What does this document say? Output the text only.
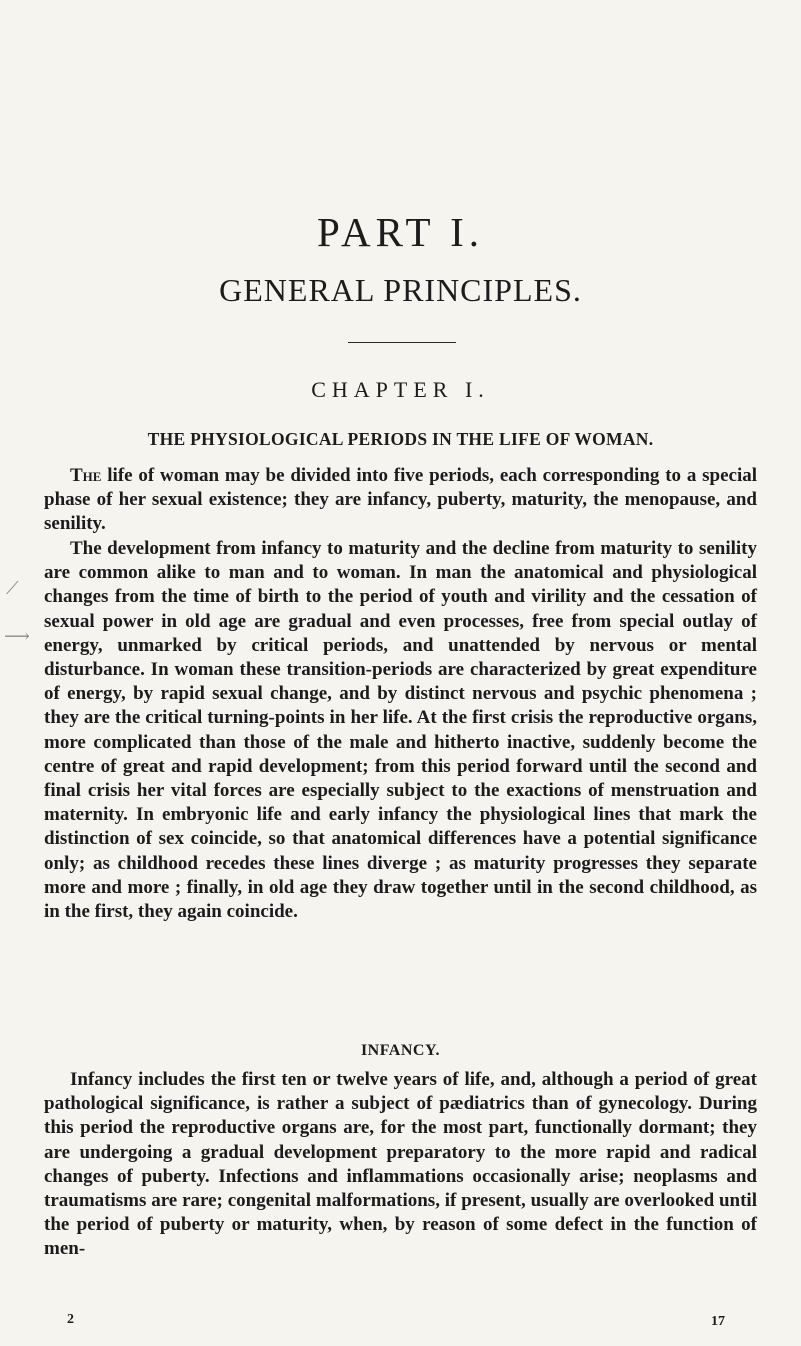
PART I.
GENERAL PRINCIPLES.
CHAPTER I.
THE PHYSIOLOGICAL PERIODS IN THE LIFE OF WOMAN.

The life of woman may be divided into five periods, each corresponding to a special phase of her sexual existence; they are infancy, puberty, maturity, the menopause, and senility.

The development from infancy to maturity and the decline from maturity to senility are common alike to man and to woman. In man the anatomical and physiological changes from the time of birth to the period of youth and virility and the cessation of sexual power in old age are gradual and even processes, free from special outlay of energy, unmarked by critical periods, and unattended by nervous or mental disturbance. In woman these transition-periods are characterized by great expenditure of energy, by rapid sexual change, and by distinct nervous and psychic phenomena ; they are the critical turning-points in her life. At the first crisis the reproductive organs, more complicated than those of the male and hitherto inactive, suddenly become the centre of great and rapid development; from this period forward until the second and final crisis her vital forces are especially subject to the exactions of menstruation and maternity. In embryonic life and early infancy the physiological lines that mark the distinction of sex coincide, so that anatomical differences have a potential significance only; as childhood recedes these lines diverge ; as maturity progresses they separate more and more ; finally, in old age they draw together until in the second childhood, as in the first, they again coincide.

INFANCY.

Infancy includes the first ten or twelve years of life, and, although a period of great pathological significance, is rather a subject of pædiatrics than of gynecology. During this period the reproductive organs are, for the most part, functionally dormant; they are undergoing a gradual development preparatory to the more rapid and radical changes of puberty. Infections and inflammations occasionally arise; neoplasms and traumatisms are rare; congenital malformations, if present, usually are overlooked until the period of puberty or maturity, when, by reason of some defect in the function of men-

2	17
⟋
⟶
